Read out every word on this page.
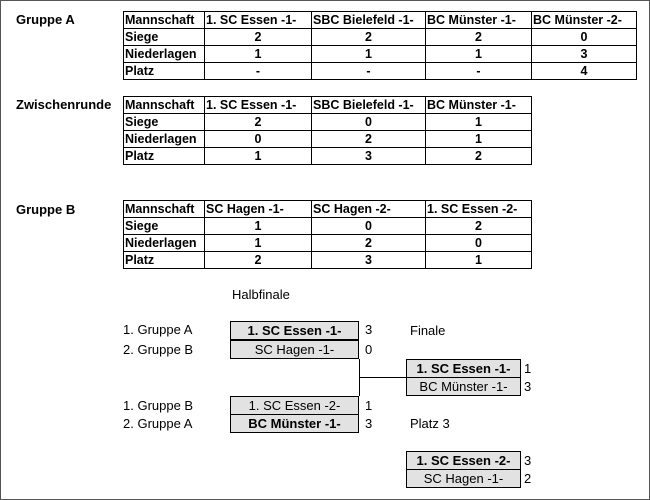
Gruppe A	Mannschaft	1. SC Essen -1-	SBC Bielefeld -1-	BC Münster -1-	BC Münster -2-
Siege	2	2	2	0
Niederlagen	1	1	1	3
Platz	-	-	-	4
Zwischenrunde Mannschaft	1. SC Essen -1-	SBC Bielefeld -1-	BC Münster -1-
Siege	2	0	1
Niederlagen	0	2	1
Platz	1	3	2
Gruppe B	Mannschaft	SC Hagen -1-	SC Hagen -2-	1. SC Essen -2-
Siege	1	0	2
Niederlagen	1	2	0
Platz	2	3	1
Halbfinale
1. Gruppe A
2. Gruppe B
1. SC Essen -1-
SC Hagen -1-
3
0
1. Gruppe B
2. Gruppe A
1. SC Essen -2-
BC Münster -1-
1
3
Finale
1. SC Essen -1-
BC Münster -1-
1
3
Platz 3
1. SC Essen -2-
SC Hagen -1-
3
2
